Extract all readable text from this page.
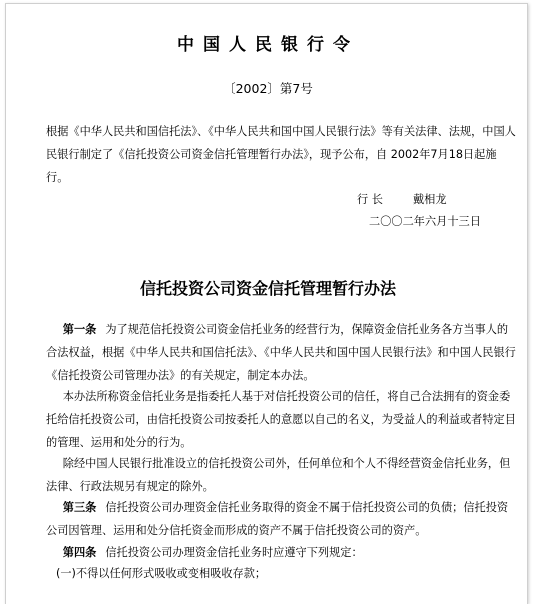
中国人民银行令
〔2002〕第7号
根据《中华人民共和国信托法》、《中华人民共和国中国人民银行法》等有关法律、法规，中国人民银行制定了《信托投资公司资金信托管理暂行办法》，现予公布，自 2002年7月18日起施行。
行 长	戴相龙
二〇〇二年六月十三日
信托投资公司资金信托管理暂行办法
  第一条 为了规范信托投资公司资金信托业务的经营行为，保障资金信托业务各方当事人的合法权益，根据《中华人民共和国信托法》、《中华人民共和国中国人民银行法》和中国人民银行《信托投资公司管理办法》的有关规定，制定本办法。
  本办法所称资金信托业务是指委托人基于对信托投资公司的信任，将自己合法拥有的资金委托给信托投资公司，由信托投资公司按委托人的意愿以自己的名义，为受益人的利益或者特定目的管理、运用和处分的行为。
  除经中国人民银行批准设立的信托投资公司外，任何单位和个人不得经营资金信托业务，但法律、行政法规另有规定的除外。
  第三条 信托投资公司办理资金信托业务取得的资金不属于信托投资公司的负债；信托投资公司因管理、运用和处分信托资金而形成的资产不属于信托投资公司的资产。
  第四条 信托投资公司办理资金信托业务时应遵守下列规定：
(一)不得以任何形式吸收或变相吸收存款；
